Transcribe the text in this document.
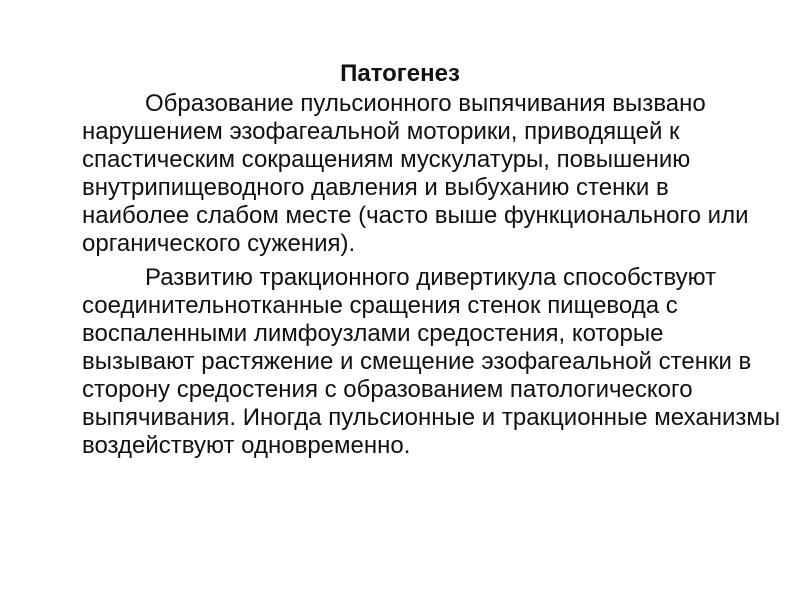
Патогенез

Образование пульсионного выпячивания вызвано нарушением эзофагеальной моторики, приводящей к спастическим сокращениям мускулатуры, повышению внутрипищеводного давления и выбуханию стенки в наиболее слабом месте (часто выше функционального или органического сужения).

Развитию тракционного дивертикула способствуют соединительнотканные сращения стенок пищевода с воспаленными лимфоузлами средостения, которые вызывают растяжение и смещение эзофагеальной стенки в сторону средостения с образованием патологического выпячивания. Иногда пульсионные и тракционные механизмы воздействуют одновременно.
